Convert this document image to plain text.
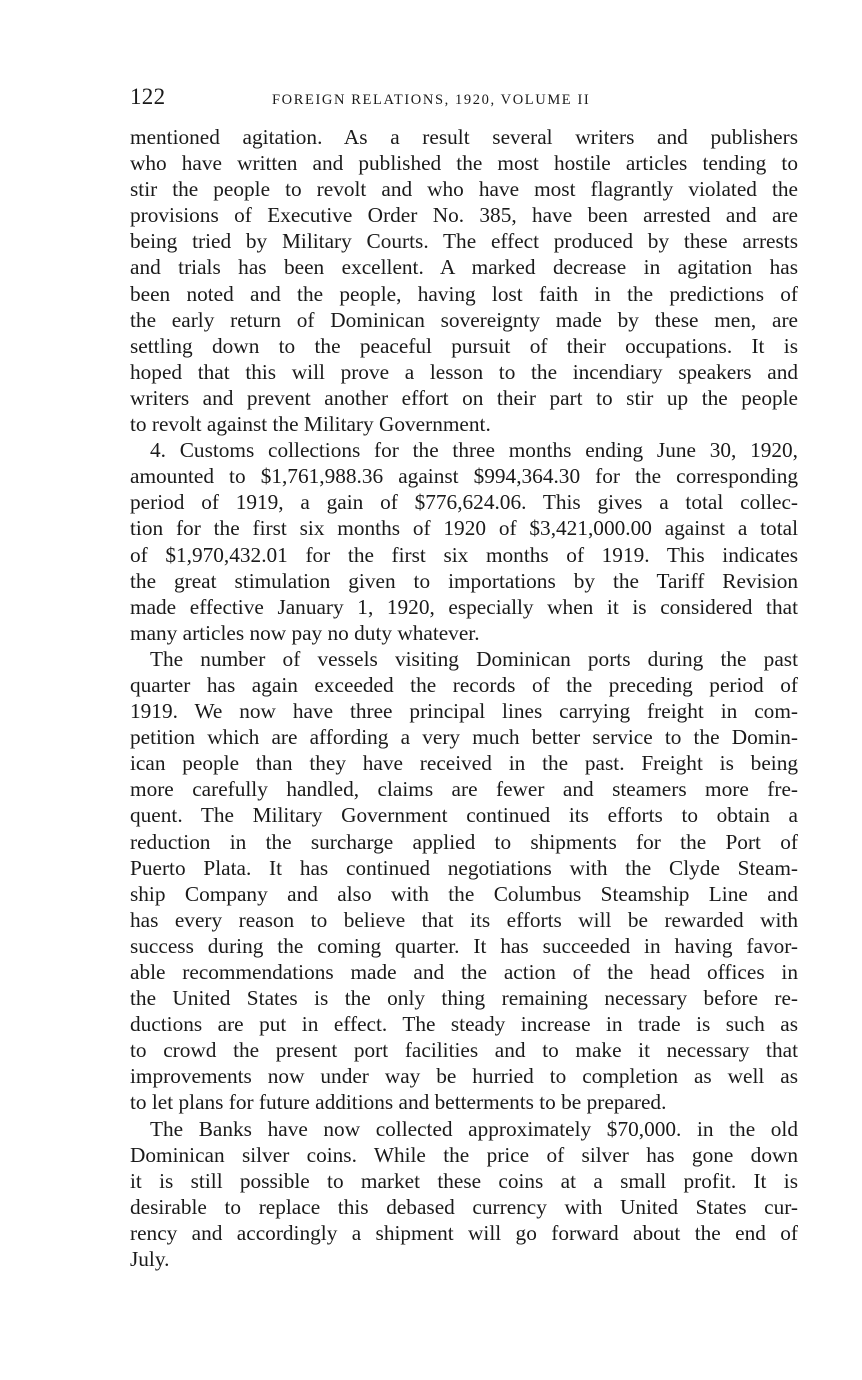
122	FOREIGN RELATIONS, 1920, VOLUME II
mentioned agitation. As a result several writers and publishers
who have written and published the most hostile articles tending to
stir the people to revolt and who have most flagrantly violated the
provisions of Executive Order No. 385, have been arrested and are
being tried by Military Courts. The effect produced by these arrests
and trials has been excellent. A marked decrease in agitation has
been noted and the people, having lost faith in the predictions of
the early return of Dominican sovereignty made by these men, are
settling down to the peaceful pursuit of their occupations. It is
hoped that this will prove a lesson to the incendiary speakers and
writers and prevent another effort on their part to stir up the people
to revolt against the Military Government.
4. Customs collections for the three months ending June 30, 1920,
amounted to $1,761,988.36 against $994,364.30 for the corresponding
period of 1919, a gain of $776,624.06. This gives a total collec-
tion for the first six months of 1920 of $3,421,000.00 against a total
of $1,970,432.01 for the first six months of 1919. This indicates
the great stimulation given to importations by the Tariff Revision
made effective January 1, 1920, especially when it is considered that
many articles now pay no duty whatever.
The number of vessels visiting Dominican ports during the past
quarter has again exceeded the records of the preceding period of
1919. We now have three principal lines carrying freight in com-
petition which are affording a very much better service to the Domin-
ican people than they have received in the past. Freight is being
more carefully handled, claims are fewer and steamers more fre-
quent. The Military Government continued its efforts to obtain a
reduction in the surcharge applied to shipments for the Port of
Puerto Plata. It has continued negotiations with the Clyde Steam-
ship Company and also with the Columbus Steamship Line and
has every reason to believe that its efforts will be rewarded with
success during the coming quarter. It has succeeded in having favor-
able recommendations made and the action of the head offices in
the United States is the only thing remaining necessary before re-
ductions are put in effect. The steady increase in trade is such as
to crowd the present port facilities and to make it necessary that
improvements now under way be hurried to completion as well as
to let plans for future additions and betterments to be prepared.
The Banks have now collected approximately $70,000. in the old
Dominican silver coins. While the price of silver has gone down
it is still possible to market these coins at a small profit. It is
desirable to replace this debased currency with United States cur-
rency and accordingly a shipment will go forward about the end of
July.
